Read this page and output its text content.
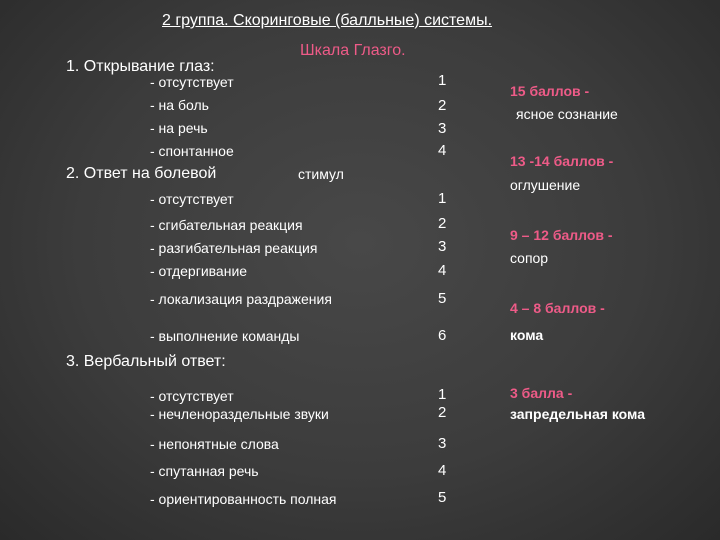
2 группа. Скоринговые (балльные) системы.
Шкала Глазго.
1. Открывание глаз:
- отсутствует	1
- на боль	2
- на речь	3
- спонтанное	4
2. Ответ на болевой	стимул
- отсутствует	1
- сгибательная реакция	2
- разгибательная реакция	3
- отдергивание	4
- локализация раздражения	5
- выполнение команды	6
3. Вербальный ответ:
- отсутствует	1
- нечленораздельные звуки	2
- непонятные слова	3
- спутанная речь	4
- ориентированность полная	5
15 баллов -
ясное сознание
13 -14 баллов -
оглушение
9 – 12 баллов -
сопор
4 – 8 баллов -
кома
3 балла -
запредельная кома
